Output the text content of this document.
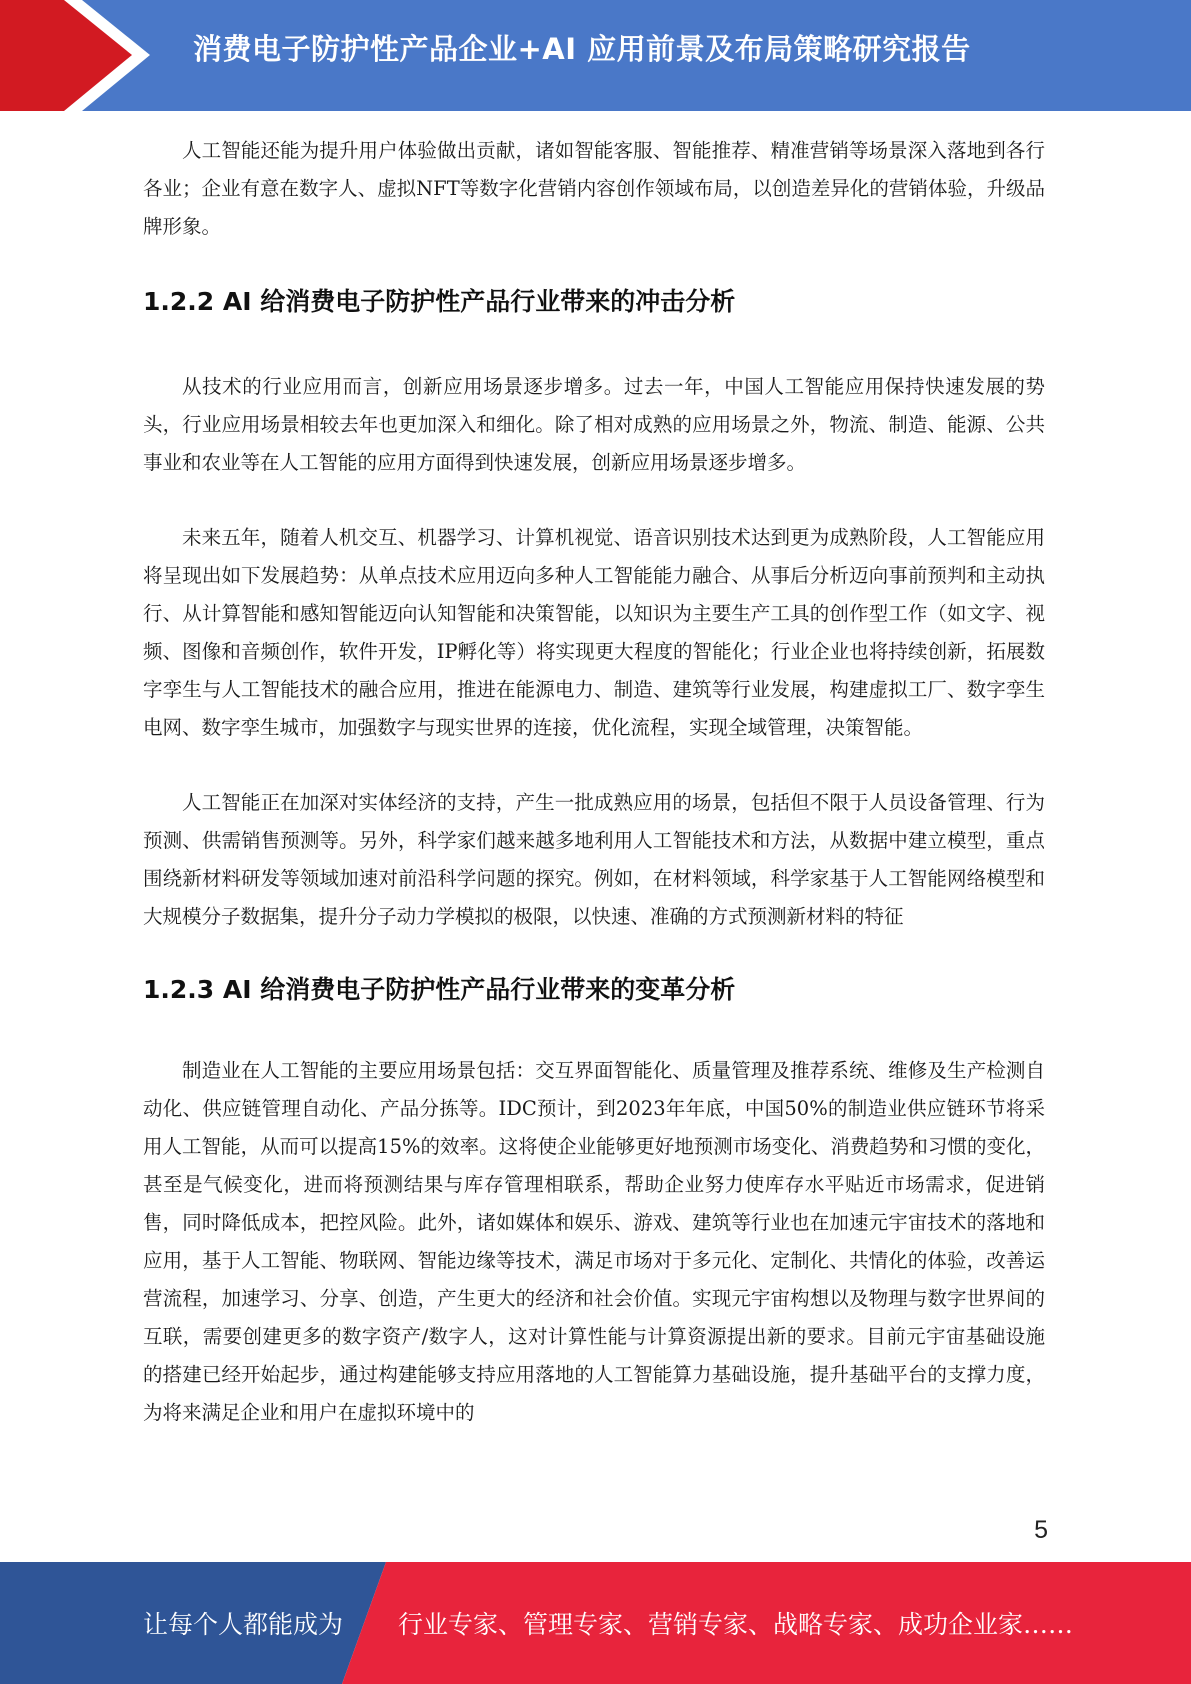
消费电子防护性产品企业+AI 应用前景及布局策略研究报告

人工智能还能为提升用户体验做出贡献，诸如智能客服、智能推荐、精准营销等场景深入落地到各行各业；企业有意在数字人、虚拟NFT等数字化营销内容创作领域布局，以创造差异化的营销体验，升级品牌形象。

1.2.2 AI 给消费电子防护性产品行业带来的冲击分析

从技术的行业应用而言，创新应用场景逐步增多。过去一年，中国人工智能应用保持快速发展的势头，行业应用场景相较去年也更加深入和细化。除了相对成熟的应用场景之外，物流、制造、能源、公共事业和农业等在人工智能的应用方面得到快速发展，创新应用场景逐步增多。

未来五年，随着人机交互、机器学习、计算机视觉、语音识别技术达到更为成熟阶段，人工智能应用将呈现出如下发展趋势：从单点技术应用迈向多种人工智能能力融合、从事后分析迈向事前预判和主动执行、从计算智能和感知智能迈向认知智能和决策智能，以知识为主要生产工具的创作型工作（如文字、视频、图像和音频创作，软件开发，IP孵化等）将实现更大程度的智能化；行业企业也将持续创新，拓展数字孪生与人工智能技术的融合应用，推进在能源电力、制造、建筑等行业发展，构建虚拟工厂、数字孪生电网、数字孪生城市，加强数字与现实世界的连接，优化流程，实现全域管理，决策智能。

人工智能正在加深对实体经济的支持，产生一批成熟应用的场景，包括但不限于人员设备管理、行为预测、供需销售预测等。另外，科学家们越来越多地利用人工智能技术和方法，从数据中建立模型，重点围绕新材料研发等领域加速对前沿科学问题的探究。例如，在材料领域，科学家基于人工智能网络模型和大规模分子数据集，提升分子动力学模拟的极限，以快速、准确的方式预测新材料的特征

1.2.3 AI 给消费电子防护性产品行业带来的变革分析

制造业在人工智能的主要应用场景包括：交互界面智能化、质量管理及推荐系统、维修及生产检测自动化、供应链管理自动化、产品分拣等。IDC预计，到2023年年底，中国50%的制造业供应链环节将采用人工智能，从而可以提高15%的效率。这将使企业能够更好地预测市场变化、消费趋势和习惯的变化，甚至是气候变化，进而将预测结果与库存管理相联系，帮助企业努力使库存水平贴近市场需求，促进销售，同时降低成本，把控风险。此外，诸如媒体和娱乐、游戏、建筑等行业也在加速元宇宙技术的落地和应用，基于人工智能、物联网、智能边缘等技术，满足市场对于多元化、定制化、共情化的体验，改善运营流程，加速学习、分享、创造，产生更大的经济和社会价值。实现元宇宙构想以及物理与数字世界间的互联，需要创建更多的数字资产/数字人，这对计算性能与计算资源提出新的要求。目前元宇宙基础设施的搭建已经开始起步，通过构建能够支持应用落地的人工智能算力基础设施，提升基础平台的支撑力度，为将来满足企业和用户在虚拟环境中的

5
让每个人都能成为 行业专家、管理专家、营销专家、战略专家、成功企业家……
